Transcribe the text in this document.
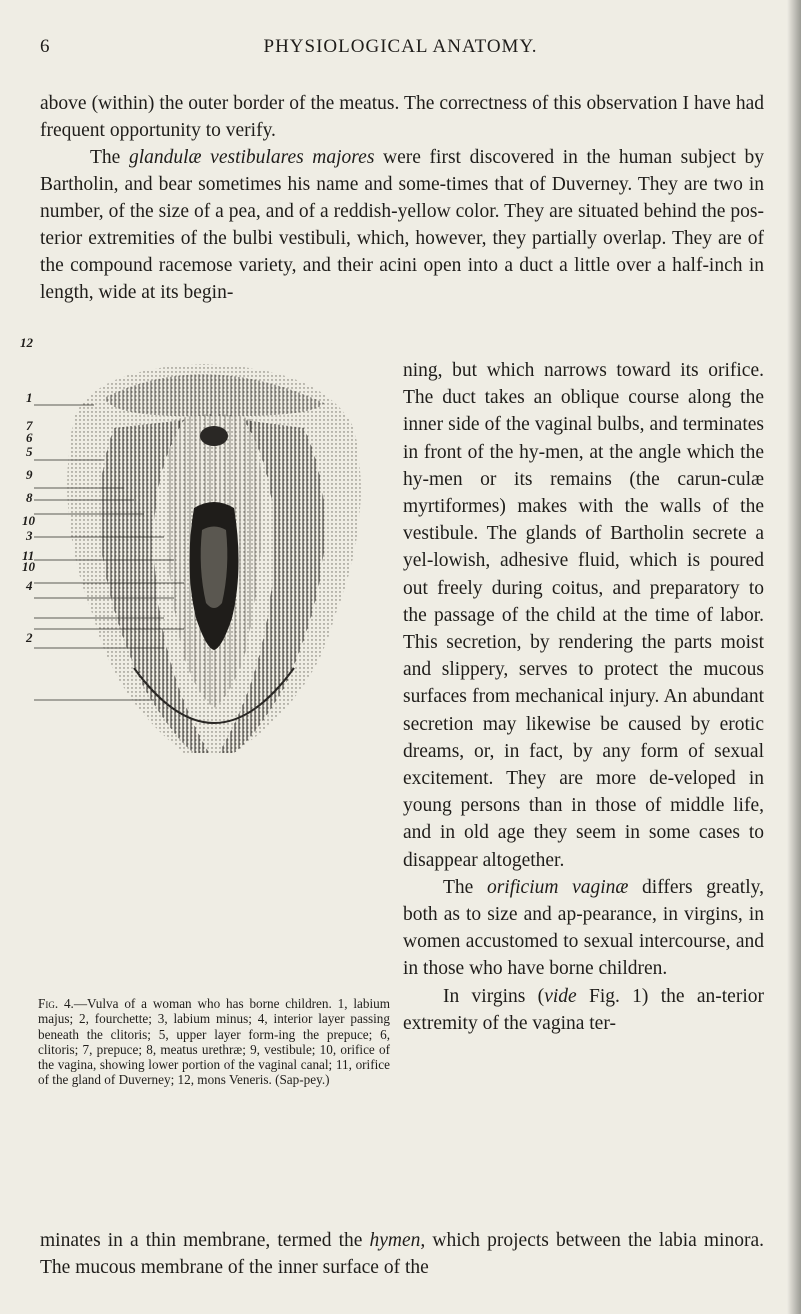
6	PHYSIOLOGICAL ANATOMY.

above (within) the outer border of the meatus. The correctness of this observation I have had frequent opportunity to verify.

The glandulæ vestibulares majores were first discovered in the human subject by Bartholin, and bear sometimes his name and some-times that of Duverney. They are two in number, of the size of a pea, and of a reddish-yellow color. They are situated behind the pos-terior extremities of the bulbi vestibuli, which, however, they partially overlap. They are of the compound racemose variety, and their acini open into a duct a little over a half-inch in length, wide at its begin-

12
1
7
6
5
9
8
10
3
11
10
4
2
Fig. 4.—Vulva of a woman who has borne children. 1, labium majus; 2, fourchette; 3, labium minus; 4, interior layer passing beneath the clitoris; 5, upper layer form-ing the prepuce; 6, clitoris; 7, prepuce; 8, meatus urethræ; 9, vestibule; 10, orifice of the vagina, showing lower portion of the vaginal canal; 11, orifice of the gland of Duverney; 12, mons Veneris. (Sap-pey.)

ning, but which narrows toward its orifice. The duct takes an oblique course along the inner side of the vaginal bulbs, and terminates in front of the hy-men, at the angle which the hy-men or its remains (the carun-culæ myrtiformes) makes with the walls of the vestibule. The glands of Bartholin secrete a yel-lowish, adhesive fluid, which is poured out freely during coitus, and preparatory to the passage of the child at the time of labor. This secretion, by rendering the parts moist and slippery, serves to protect the mucous surfaces from mechanical injury. An abundant secretion may likewise be caused by erotic dreams, or, in fact, by any form of sexual excitement. They are more de-veloped in young persons than in those of middle life, and in old age they seem in some cases to disappear altogether.

The orificium vaginæ differs greatly, both as to size and ap-pearance, in virgins, in women accustomed to sexual intercourse, and in those who have borne children.

In virgins (vide Fig. 1) the an-terior extremity of the vagina ter-

minates in a thin membrane, termed the hymen, which projects between the labia minora. The mucous membrane of the inner surface of the
